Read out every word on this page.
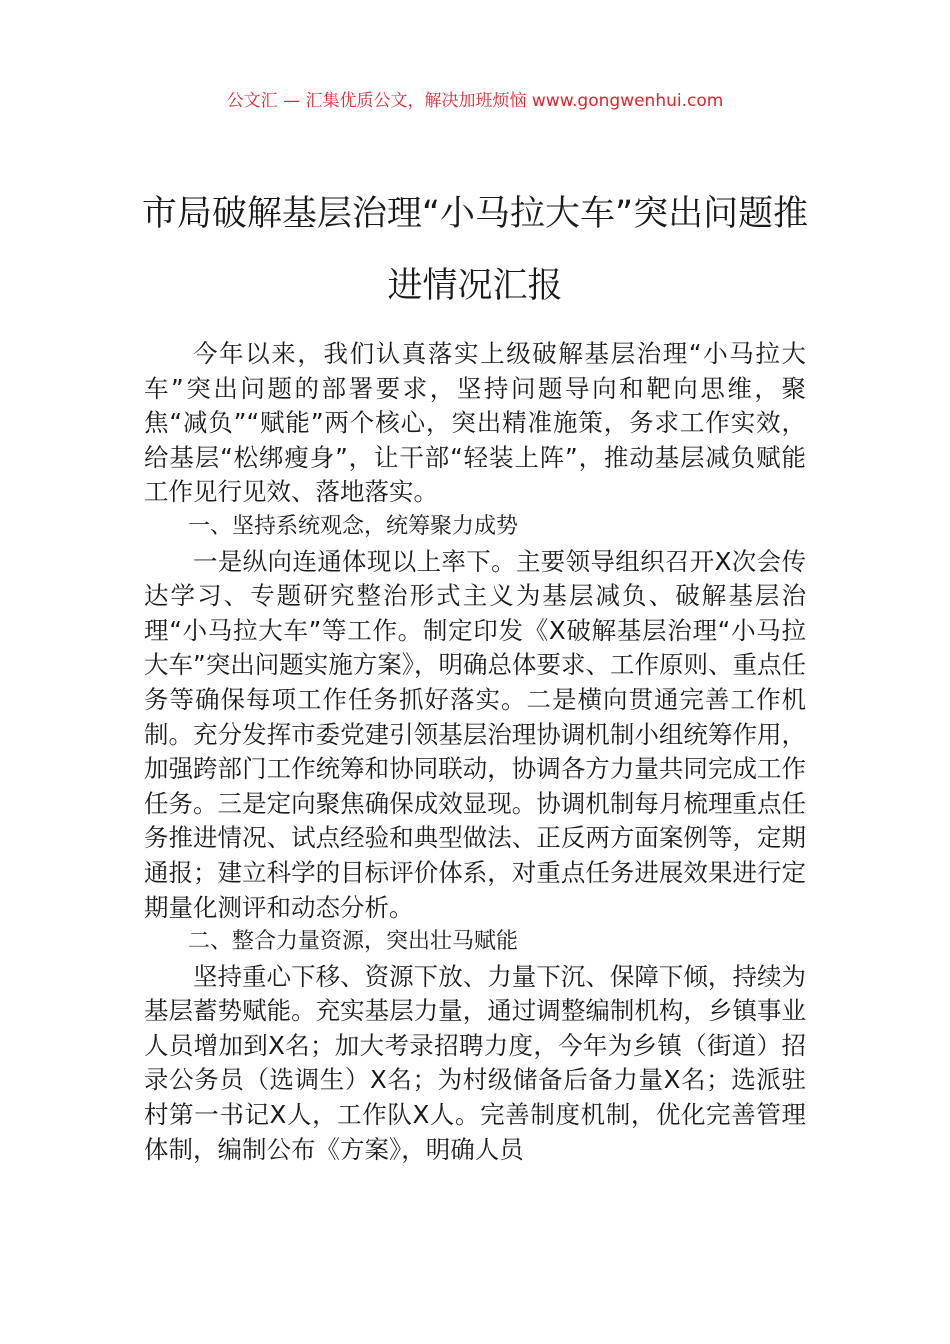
公文汇 — 汇集优质公文，解决加班烦恼 www.gongwenhui.com
市局破解基层治理“小马拉大车”突出问题推进情况汇报

今年以来，我们认真落实上级破解基层治理“小马拉大车”突出问题的部署要求，坚持问题导向和靶向思维，聚焦“减负”“赋能”两个核心，突出精准施策，务求工作实效，给基层“松绑瘦身”，让干部“轻装上阵”，推动基层减负赋能工作见行见效、落地落实。

一、坚持系统观念，统筹聚力成势

一是纵向连通体现以上率下。主要领导组织召开X次会传达学习、专题研究整治形式主义为基层减负、破解基层治理“小马拉大车”等工作。制定印发《X破解基层治理“小马拉大车”突出问题实施方案》，明确总体要求、工作原则、重点任务等确保每项工作任务抓好落实。二是横向贯通完善工作机制。充分发挥市委党建引领基层治理协调机制小组统筹作用，加强跨部门工作统筹和协同联动，协调各方力量共同完成工作任务。三是定向聚焦确保成效显现。协调机制每月梳理重点任务推进情况、试点经验和典型做法、正反两方面案例等，定期通报；建立科学的目标评价体系，对重点任务进展效果进行定期量化测评和动态分析。

二、整合力量资源，突出壮马赋能

坚持重心下移、资源下放、力量下沉、保障下倾，持续为基层蓄势赋能。充实基层力量，通过调整编制机构，乡镇事业人员增加到X名；加大考录招聘力度，今年为乡镇（街道）招录公务员（选调生）X名；为村级储备后备力量X名；选派驻村第一书记X人，工作队X人。完善制度机制，优化完善管理体制，编制公布《方案》，明确人员
